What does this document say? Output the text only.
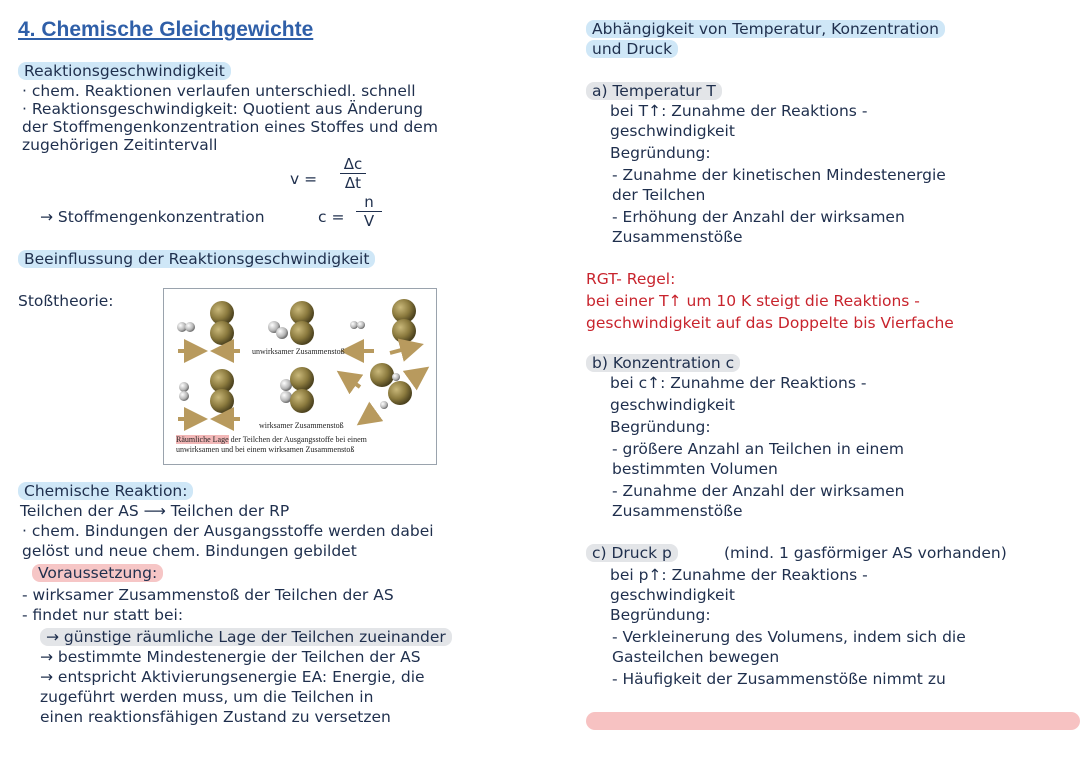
4. Chemische Gleichgewichte
Reaktionsgeschwindigkeit
· chem. Reaktionen verlaufen unterschiedl. schnell
· Reaktionsgeschwindigkeit: Quotient aus Änderung
der Stoffmengenkonzentration eines Stoffes und dem
zugehörigen Zeitintervall
v =
Δc
Δt
→ Stoffmengenkonzentration	c =
n
V
Beeinflussung der Reaktionsgeschwindigkeit
Stoßtheorie:
unwirksamer Zusammenstoß
wirksamer Zusammenstoß
Räumliche Lage der Teilchen der Ausgangsstoffe bei einem
unwirksamen und bei einem wirksamen Zusammenstoß
Chemische Reaktion:
Teilchen der AS ⟶ Teilchen der RP
· chem. Bindungen der Ausgangsstoffe werden dabei
gelöst und neue chem. Bindungen gebildet
Voraussetzung:
- wirksamer Zusammenstoß der Teilchen der AS
- findet nur statt bei:
→ günstige räumliche Lage der Teilchen zueinander
→ bestimmte Mindestenergie der Teilchen der AS
→ entspricht Aktivierungsenergie EA: Energie, die
zugeführt werden muss, um die Teilchen in
einen reaktionsfähigen Zustand zu versetzen
Abhängigkeit von Temperatur, Konzentration
und Druck
a) Temperatur T
bei T↑: Zunahme der Reaktions -
geschwindigkeit
Begründung:
- Zunahme der kinetischen Mindestenergie
der Teilchen
- Erhöhung der Anzahl der wirksamen
Zusammenstöße
RGT- Regel:
bei einer T↑ um 10 K steigt die Reaktions -
geschwindigkeit auf das Doppelte bis Vierfache
b) Konzentration c
bei c↑: Zunahme der Reaktions -
geschwindigkeit
Begründung:
- größere Anzahl an Teilchen in einem
bestimmten Volumen
- Zunahme der Anzahl der wirksamen
Zusammenstöße
c) Druck p	(mind. 1 gasförmiger AS vorhanden)
bei p↑: Zunahme der Reaktions -
geschwindigkeit
Begründung:
- Verkleinerung des Volumens, indem sich die
Gasteilchen bewegen
- Häufigkeit der Zusammenstöße nimmt zu
